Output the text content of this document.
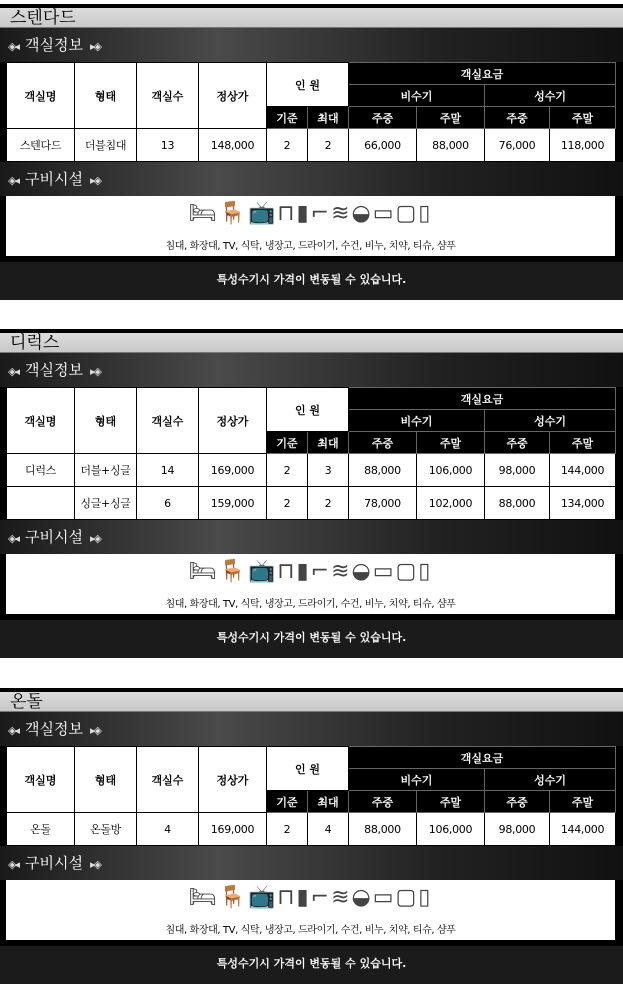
스텐다드
◈◂ 객실정보 ▸◈
객실명	형태	객실수	정상가	인 원		객실요금			
						비수기		성수기	
				기준	최대	주중	주말	주중	주말
스텐다드	더블침대	13	148,000	2	2	66,000	88,000	76,000	118,000
◈◂ 구비시설 ▸◈
🛏🪑📺⊓▮⌐≋◒▭▢▯
침대, 화장대, TV, 식탁, 냉장고, 드라이기, 수건, 비누, 치약, 티슈, 샴푸
특성수기시 가격이 변동될 수 있습니다.
디럭스
◈◂ 객실정보 ▸◈
객실명	형태	객실수	정상가	인 원		객실요금			
						비수기		성수기	
				기준	최대	주중	주말	주중	주말
디럭스	더블+싱글	14	169,000	2	3	88,000	106,000	98,000	144,000
	싱글+싱글	6	159,000	2	2	78,000	102,000	88,000	134,000
◈◂ 구비시설 ▸◈
🛏🪑📺⊓▮⌐≋◒▭▢▯
침대, 화장대, TV, 식탁, 냉장고, 드라이기, 수건, 비누, 치약, 티슈, 샴푸
특성수기시 가격이 변동될 수 있습니다.
온돌
◈◂ 객실정보 ▸◈
객실명	형태	객실수	정상가	인 원		객실요금			
						비수기		성수기	
				기준	최대	주중	주말	주중	주말
온돌	온돌방	4	169,000	2	4	88,000	106,000	98,000	144,000
◈◂ 구비시설 ▸◈
🛏🪑📺⊓▮⌐≋◒▭▢▯
침대, 화장대, TV, 식탁, 냉장고, 드라이기, 수건, 비누, 치약, 티슈, 샴푸
특성수기시 가격이 변동될 수 있습니다.
